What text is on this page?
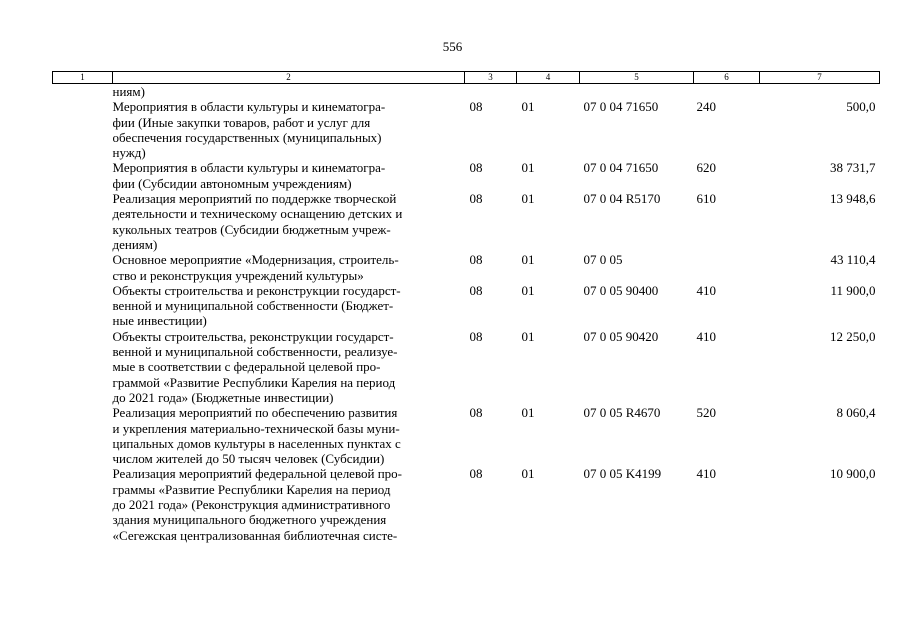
556
1	2	3	4	5	6	7

	ниям)					

	Мероприятия в области культуры и кинематогра-
фии (Иные закупки товаров, работ и услуг для
обеспечения государственных (муниципальных)
нужд)	08	01	07 0 04 71650	240	500,0

	Мероприятия в области культуры и кинематогра-
фии (Субсидии автономным учреждениям)	08	01	07 0 04 71650	620	38 731,7

	Реализация мероприятий по поддержке творческой
деятельности и техническому оснащению детских и
кукольных театров (Субсидии бюджетным учреж-
дениям)	08	01	07 0 04 R5170	610	13 948,6

	Основное мероприятие «Модернизация, строитель-
ство и реконструкция учреждений культуры»	08	01	07 0 05		43 110,4

	Объекты строительства и реконструкции государст-
венной и муниципальной собственности (Бюджет-
ные инвестиции)	08	01	07 0 05 90400	410	11 900,0

	Объекты строительства, реконструкции государст-
венной и муниципальной собственности, реализуе-
мые в соответствии с федеральной целевой про-
граммой «Развитие Республики Карелия на период
до 2021 года» (Бюджетные инвестиции)	08	01	07 0 05 90420	410	12 250,0

	Реализация мероприятий по обеспечению развития
и укрепления материально-технической базы муни-
ципальных домов культуры в населенных пунктах с
числом жителей до 50 тысяч человек (Субсидии)	08	01	07 0 05 R4670	520	8 060,4

	Реализация мероприятий федеральной целевой про-
граммы «Развитие Республики Карелия на период
до 2021 года» (Реконструкция административного
здания муниципального бюджетного учреждения
«Сегежская централизованная библиотечная систе-	08	01	07 0 05 K4199	410	10 900,0
